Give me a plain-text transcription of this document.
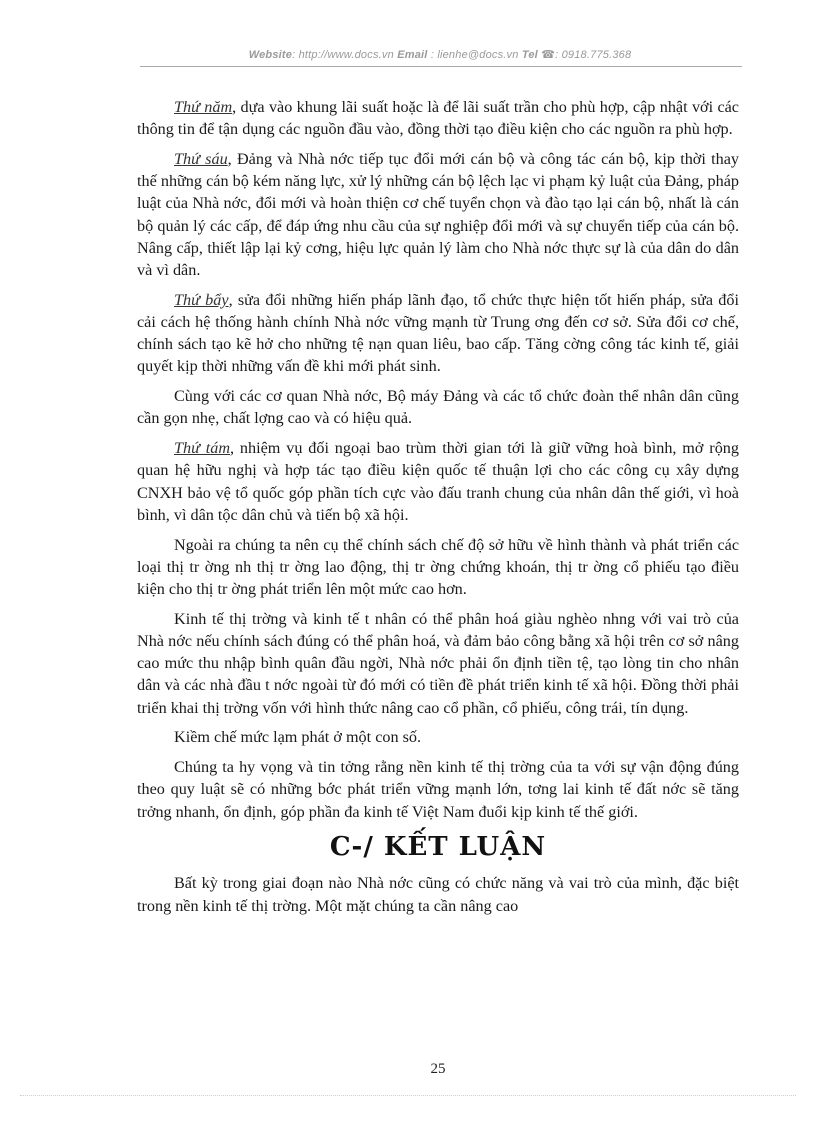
Website: http://www.docs.vn Email : lienhe@docs.vn Tel ☎: 0918.775.368

Thứ năm, dựa vào khung lãi suất hoặc là để lãi suất trần cho phù hợp, cập nhật với các thông tin để tận dụng các nguồn đầu vào, đồng thời tạo điều kiện cho các nguồn ra phù hợp.

Thứ sáu, Đảng và Nhà nớc tiếp tục đổi mới cán bộ và công tác cán bộ, kịp thời thay thế những cán bộ kém năng lực, xử lý những cán bộ lệch lạc vi phạm kỷ luật của Đảng, pháp luật của Nhà nớc, đổi mới và hoàn thiện cơ chế tuyển chọn và đào tạo lại cán bộ, nhất là cán bộ quản lý các cấp, để đáp ứng nhu cầu của sự nghiệp đổi mới và sự chuyển tiếp của cán bộ. Nâng cấp, thiết lập lại kỷ cơng, hiệu lực quản lý làm cho Nhà nớc thực sự là của dân do dân và vì dân.

Thứ bẩy, sửa đổi những hiến pháp lãnh đạo, tổ chức thực hiện tốt hiến pháp, sửa đổi cải cách hệ thống hành chính Nhà nớc vững mạnh từ Trung ơng đến cơ sở. Sửa đổi cơ chế, chính sách tạo kẽ hở cho những tệ nạn quan liêu, bao cấp. Tăng cờng công tác kinh tế, giải quyết kịp thời những vấn đề khi mới phát sinh.

Cùng với các cơ quan Nhà nớc, Bộ máy Đảng và các tổ chức đoàn thể nhân dân cũng cần gọn nhẹ, chất lợng cao và có hiệu quả.

Thứ tám, nhiệm vụ đối ngoại bao trùm thời gian tới là giữ vững hoà bình, mở rộng quan hệ hữu nghị và hợp tác tạo điều kiện quốc tế thuận lợi cho các công cụ xây dựng CNXH bảo vệ tổ quốc góp phần tích cực vào đấu tranh chung của nhân dân thế giới, vì hoà bình, vì dân tộc dân chủ và tiến bộ xã hội.

Ngoài ra chúng ta nên cụ thể chính sách chế độ sở hữu về hình thành và phát triển các loại thị tr ờng nh thị tr ờng lao động, thị tr ờng chứng khoán, thị tr ờng cổ phiếu tạo điều kiện cho thị tr ờng phát triển lên một mức cao hơn.

Kinh tế thị trờng và kinh tế t nhân có thể phân hoá giàu nghèo nhng với vai trò của Nhà nớc nếu chính sách đúng có thể phân hoá, và đảm bảo công bằng xã hội trên cơ sở nâng cao mức thu nhập bình quân đầu ngời, Nhà nớc phải ổn định tiền tệ, tạo lòng tin cho nhân dân và các nhà đầu t nớc ngoài từ đó mới có tiền đề phát triển kinh tế xã hội. Đồng thời phải triển khai thị trờng vốn với hình thức nâng cao cổ phần, cổ phiếu, công trái, tín dụng.

Kiềm chế mức lạm phát ở một con số.

Chúng ta hy vọng và tin tởng rằng nền kinh tế thị trờng của ta với sự vận động đúng theo quy luật sẽ có những bớc phát triển vững mạnh lớn, tơng lai kinh tế đất nớc sẽ tăng trởng nhanh, ổn định, góp phần đa kinh tế Việt Nam đuổi kịp kinh tế thế giới.

C-/ KẾT LUẬN

Bất kỳ trong giai đoạn nào Nhà nớc cũng có chức năng và vai trò của mình, đặc biệt trong nền kinh tế thị trờng. Một mặt chúng ta cần nâng cao

25
